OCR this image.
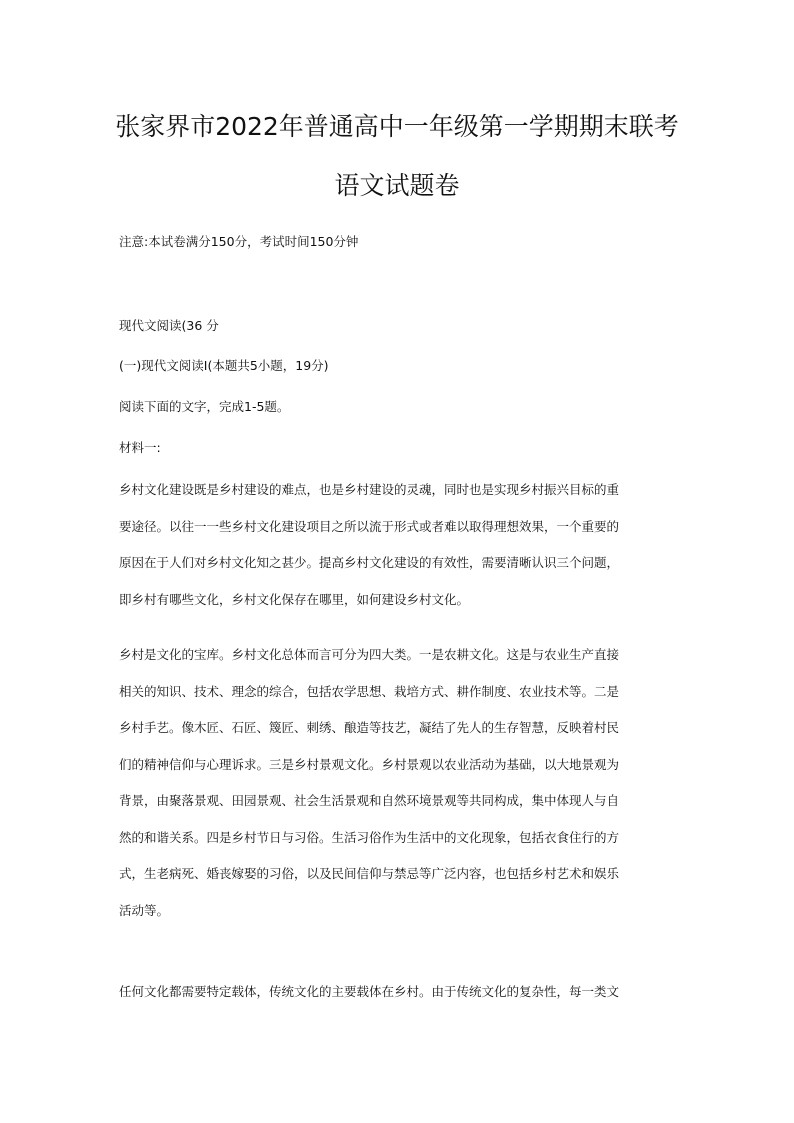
张家界市2022年普通高中一年级第一学期期末联考
语文试题卷

注意:本试卷满分150分，考试时间150分钟

现代文阅读(36 分

(一)现代文阅读Ⅰ(本题共5小题，19分)

阅读下面的文字，完成1-5题。

材料一:

乡村文化建设既是乡村建设的难点，也是乡村建设的灵魂，同时也是实现乡村振兴目标的重
要途径。以往一一些乡村文化建设项目之所以流于形式或者难以取得理想效果，一个重要的
原因在于人们对乡村文化知之甚少。提高乡村文化建设的有效性，需要清晰认识三个问题，
即乡村有哪些文化，乡村文化保存在哪里，如何建设乡村文化。
乡村是文化的宝库。乡村文化总体而言可分为四大类。一是农耕文化。这是与农业生产直接
相关的知识、技术、理念的综合，包括农学思想、栽培方式、耕作制度、农业技术等。二是
乡村手艺。像木匠、石匠、篾匠、刺绣、酿造等技艺，凝结了先人的生存智慧，反映着村民
们的精神信仰与心理诉求。三是乡村景观文化。乡村景观以农业活动为基础，以大地景观为
背景，由聚落景观、田园景观、社会生活景观和自然环境景观等共同构成，集中体现人与自
然的和谐关系。四是乡村节日与习俗。生活习俗作为生活中的文化现象，包括衣食住行的方
式，生老病死、婚丧嫁娶的习俗，以及民间信仰与禁忌等广泛内容，也包括乡村艺术和娱乐
活动等。
任何文化都需要特定载体，传统文化的主要载体在乡村。由于传统文化的复杂性，每一类文
